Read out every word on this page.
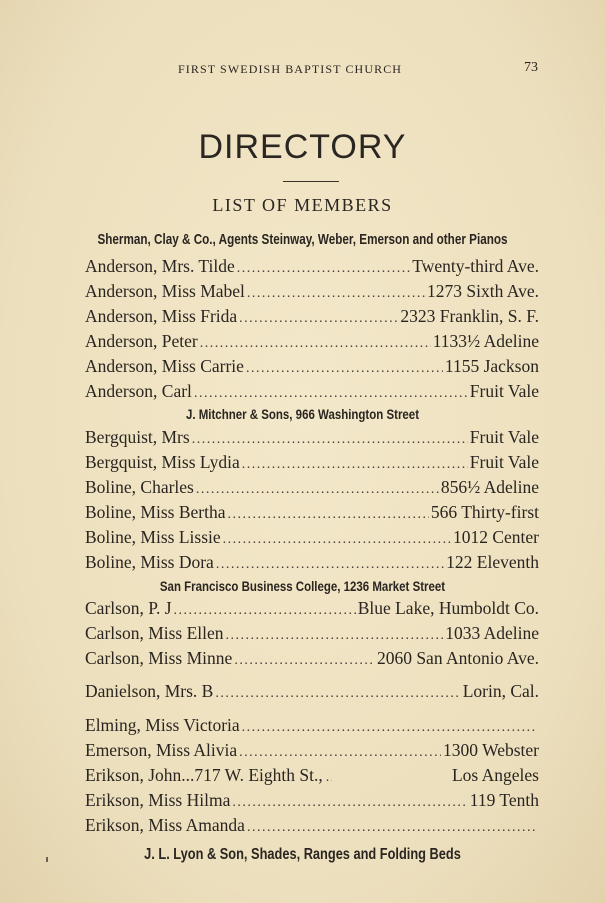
FIRST SWEDISH BAPTIST CHURCH	73
DIRECTORY
LIST OF MEMBERS
Sherman, Clay & Co., Agents Steinway, Weber, Emerson and other Pianos
J. Mitchner & Sons, 966 Washington Street
San Francisco Business College, 1236 Market Street
J. L. Lyon & Son, Shades, Ranges and Folding Beds
Anderson, Mrs. Tilde .....	Twenty-third Ave.
Anderson, Miss Mabel .....	1273 Sixth Ave.
Anderson, Miss Frida .....	2323 Franklin, S. F.
Anderson, Peter .....	1133½ Adeline
Anderson, Miss Carrie .....	1155 Jackson
Anderson, Carl .....	Fruit Vale
Bergquist, Mrs .....	Fruit Vale
Bergquist, Miss Lydia .....	Fruit Vale
Boline, Charles .....	856½ Adeline
Boline, Miss Bertha .....	566 Thirty-first
Boline, Miss Lissie .....	1012 Center
Boline, Miss Dora .....	122 Eleventh
Carlson, P. J .....	Blue Lake, Humboldt Co.
Carlson, Miss Ellen .....	1033 Adeline
Carlson, Miss Minne .....	2060 San Antonio Ave.
Danielson, Mrs. B .....	Lorin, Cal.
Elming, Miss Victoria
.....
Emerson, Miss Alivia .....	1300 Webster
Erikson, John...717 W. Eighth St., .....	Los Angeles
Erikson, Miss Hilma .....	119 Tenth
Erikson, Miss Amanda
.....
